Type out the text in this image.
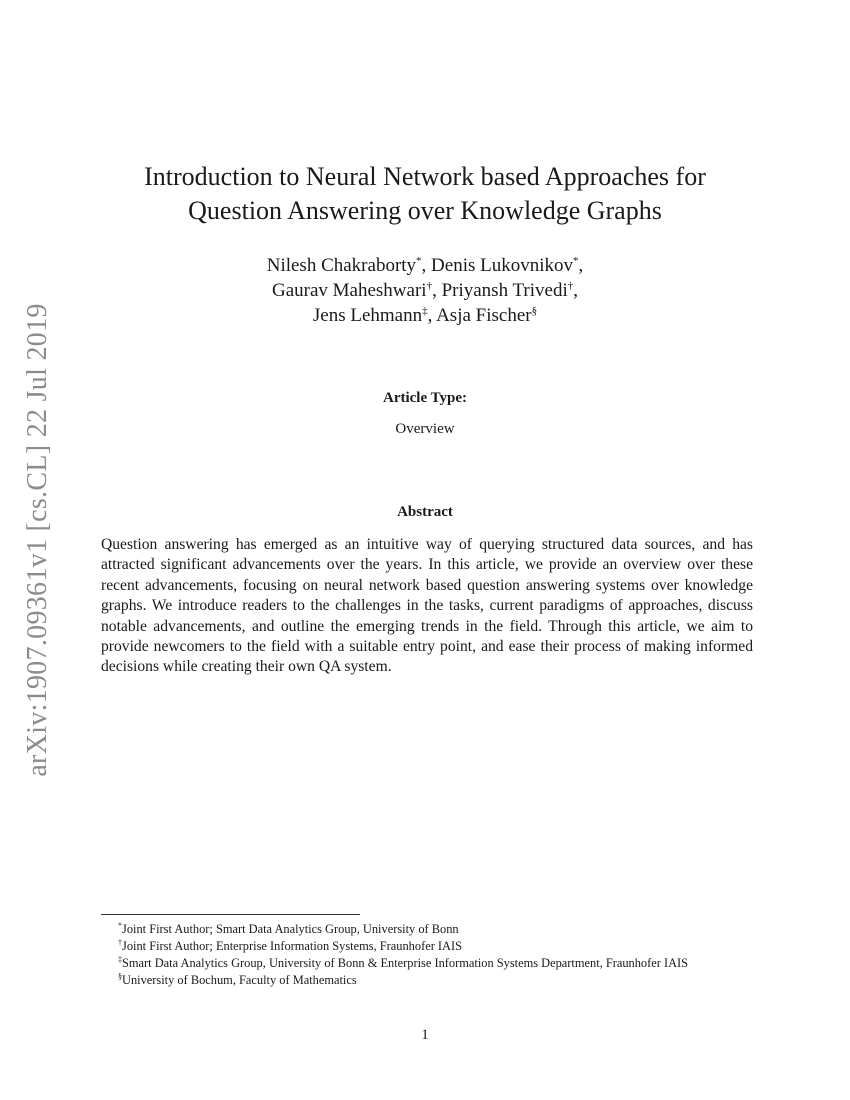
arXiv:1907.09361v1 [cs.CL] 22 Jul 2019
Introduction to Neural Network based Approaches for
Question Answering over Knowledge Graphs
Nilesh Chakraborty*, Denis Lukovnikov*,
Gaurav Maheshwari†, Priyansh Trivedi†,
Jens Lehmann‡, Asja Fischer§
Article Type:
Overview
Abstract
Question answering has emerged as an intuitive way of querying structured data sources, and has attracted significant advancements over the years. In this article, we provide an overview over these recent advancements, focusing on neural network based question answering systems over knowledge graphs. We introduce readers to the challenges in the tasks, current paradigms of approaches, discuss notable advancements, and outline the emerging trends in the field. Through this article, we aim to provide newcomers to the field with a suitable entry point, and ease their process of making informed decisions while creating their own QA system.

*Joint First Author; Smart Data Analytics Group, University of Bonn

†Joint First Author; Enterprise Information Systems, Fraunhofer IAIS

‡Smart Data Analytics Group, University of Bonn & Enterprise Information Systems Department, Fraunhofer IAIS

§University of Bochum, Faculty of Mathematics

1
